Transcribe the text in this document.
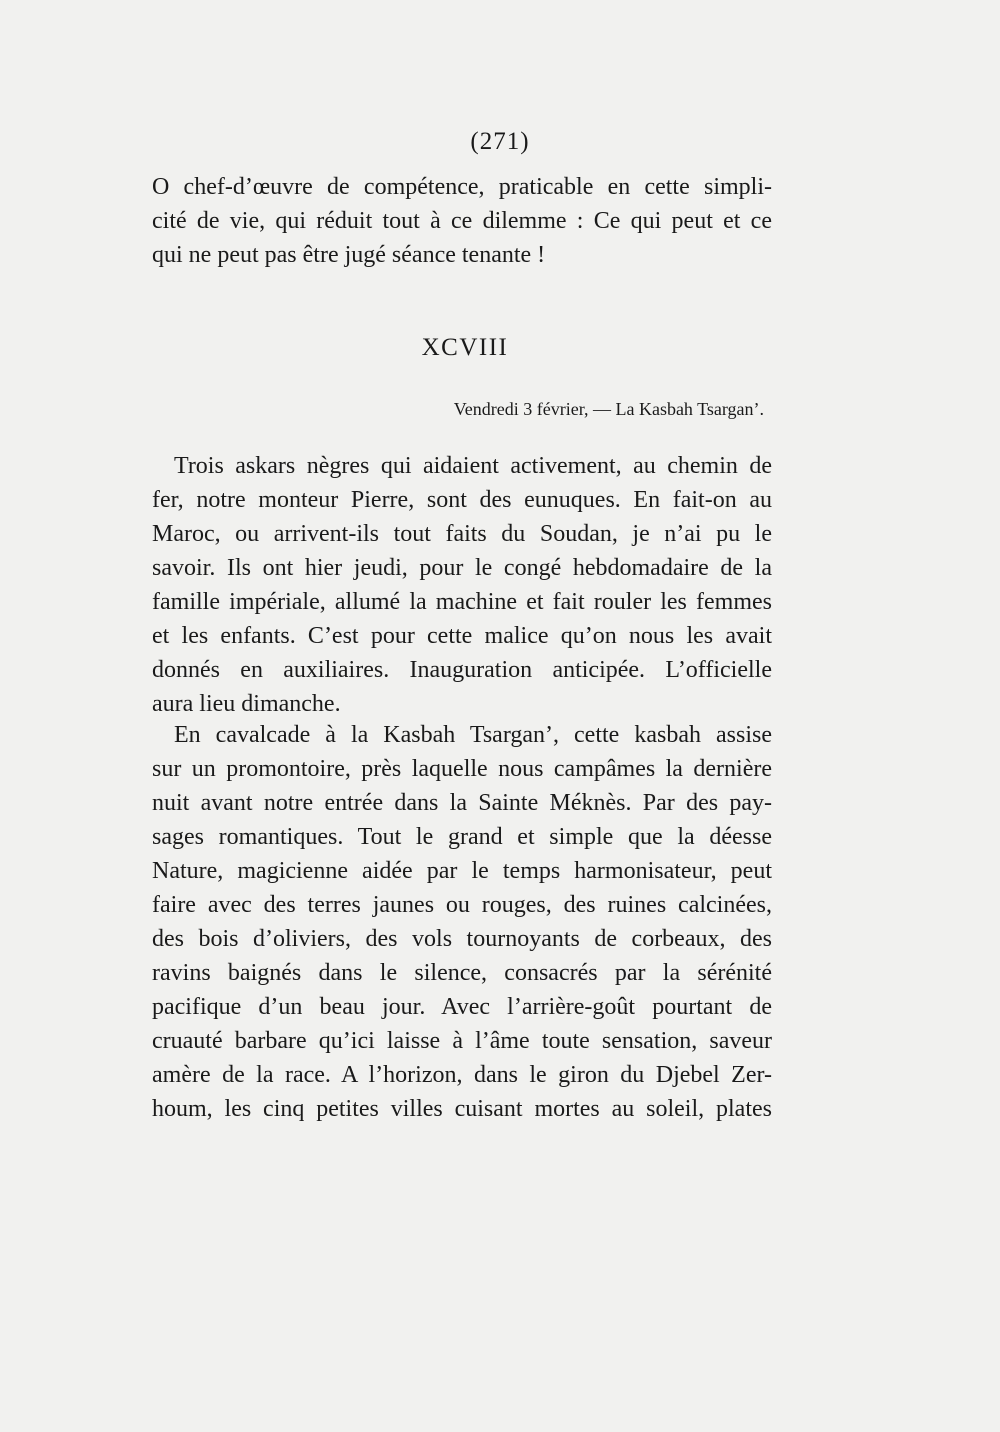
(271)
O chef-d’œuvre de compétence, praticable en cette simpli-
cité de vie, qui réduit tout à ce dilemme : Ce qui peut et ce
qui ne peut pas être jugé séance tenante !
XCVIII
Vendredi 3 février, — La Kasbah Tsargan’.
Trois askars nègres qui aidaient activement, au chemin de
fer, notre monteur Pierre, sont des eunuques. En fait-on au
Maroc, ou arrivent-ils tout faits du Soudan, je n’ai pu le
savoir. Ils ont hier jeudi, pour le congé hebdomadaire de la
famille impériale, allumé la machine et fait rouler les femmes
et les enfants. C’est pour cette malice qu’on nous les avait
donnés en auxiliaires. Inauguration anticipée. L’officielle
aura lieu dimanche.
En cavalcade à la Kasbah Tsargan’, cette kasbah assise
sur un promontoire, près laquelle nous campâmes la dernière
nuit avant notre entrée dans la Sainte Méknès. Par des pay-
sages romantiques. Tout le grand et simple que la déesse
Nature, magicienne aidée par le temps harmonisateur, peut
faire avec des terres jaunes ou rouges, des ruines calcinées,
des bois d’oliviers, des vols tournoyants de corbeaux, des
ravins baignés dans le silence, consacrés par la sérénité
pacifique d’un beau jour. Avec l’arrière-goût pourtant de
cruauté barbare qu’ici laisse à l’âme toute sensation, saveur
amère de la race. A l’horizon, dans le giron du Djebel Zer-
houm, les cinq petites villes cuisant mortes au soleil, plates
